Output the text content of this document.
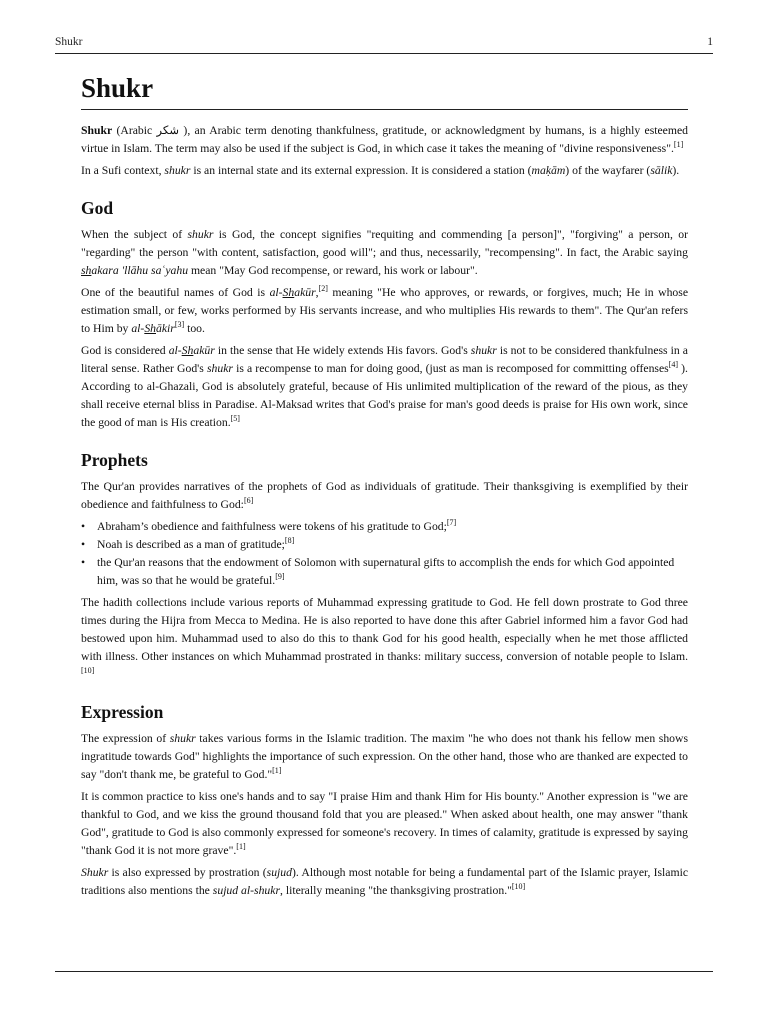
Shukr	1
Shukr

Shukr (Arabic شكر ), an Arabic term denoting thankfulness, gratitude, or acknowledgment by humans, is a highly esteemed virtue in Islam. The term may also be used if the subject is God, in which case it takes the meaning of "divine responsiveness".[1]

In a Sufi context, shukr is an internal state and its external expression. It is considered a station (maḳām) of the wayfarer (sālik).

God

When the subject of shukr is God, the concept signifies "requiting and commending [a person]", "forgiving" a person, or "regarding" the person "with content, satisfaction, good will"; and thus, necessarily, "recompensing". In fact, the Arabic saying shakara 'llāhu saʿyahu mean "May God recompense, or reward, his work or labour".

One of the beautiful names of God is al-Shakūr,[2] meaning "He who approves, or rewards, or forgives, much; He in whose estimation small, or few, works performed by His servants increase, and who multiplies His rewards to them". The Qur'an refers to Him by al-Shākir[3] too.

God is considered al-Shakūr in the sense that He widely extends His favors. God's shukr is not to be considered thankfulness in a literal sense. Rather God's shukr is a recompense to man for doing good, (just as man is recomposed for committing offenses[4] ). According to al-Ghazali, God is absolutely grateful, because of His unlimited multiplication of the reward of the pious, as they shall receive eternal bliss in Paradise. Al-Maksad writes that God's praise for man's good deeds is praise for His own work, since the good of man is His creation.[5]

Prophets

The Qur'an provides narratives of the prophets of God as individuals of gratitude. Their thanksgiving is exemplified by their obedience and faithfulness to God:[6]

• Abraham’s obedience and faithfulness were tokens of his gratitude to God;[7]
• Noah is described as a man of gratitude;[8]
• the Qur'an reasons that the endowment of Solomon with supernatural gifts to accomplish the ends for which God appointed him, was so that he would be grateful.[9]

The hadith collections include various reports of Muhammad expressing gratitude to God. He fell down prostrate to God three times during the Hijra from Mecca to Medina. He is also reported to have done this after Gabriel informed him a favor God had bestowed upon him. Muhammad used to also do this to thank God for his good health, especially when he met those afflicted with illness. Other instances on which Muhammad prostrated in thanks: military success, conversion of notable people to Islam.[10]

Expression

The expression of shukr takes various forms in the Islamic tradition. The maxim "he who does not thank his fellow men shows ingratitude towards God" highlights the importance of such expression. On the other hand, those who are thanked are expected to say "don't thank me, be grateful to God."[1]

It is common practice to kiss one's hands and to say "I praise Him and thank Him for His bounty." Another expression is "we are thankful to God, and we kiss the ground thousand fold that you are pleased." When asked about health, one may answer "thank God", gratitude to God is also commonly expressed for someone's recovery. In times of calamity, gratitude is expressed by saying "thank God it is not more grave".[1]

Shukr is also expressed by prostration (sujud). Although most notable for being a fundamental part of the Islamic prayer, Islamic traditions also mentions the sujud al-shukr, literally meaning "the thanksgiving prostration."[10]
